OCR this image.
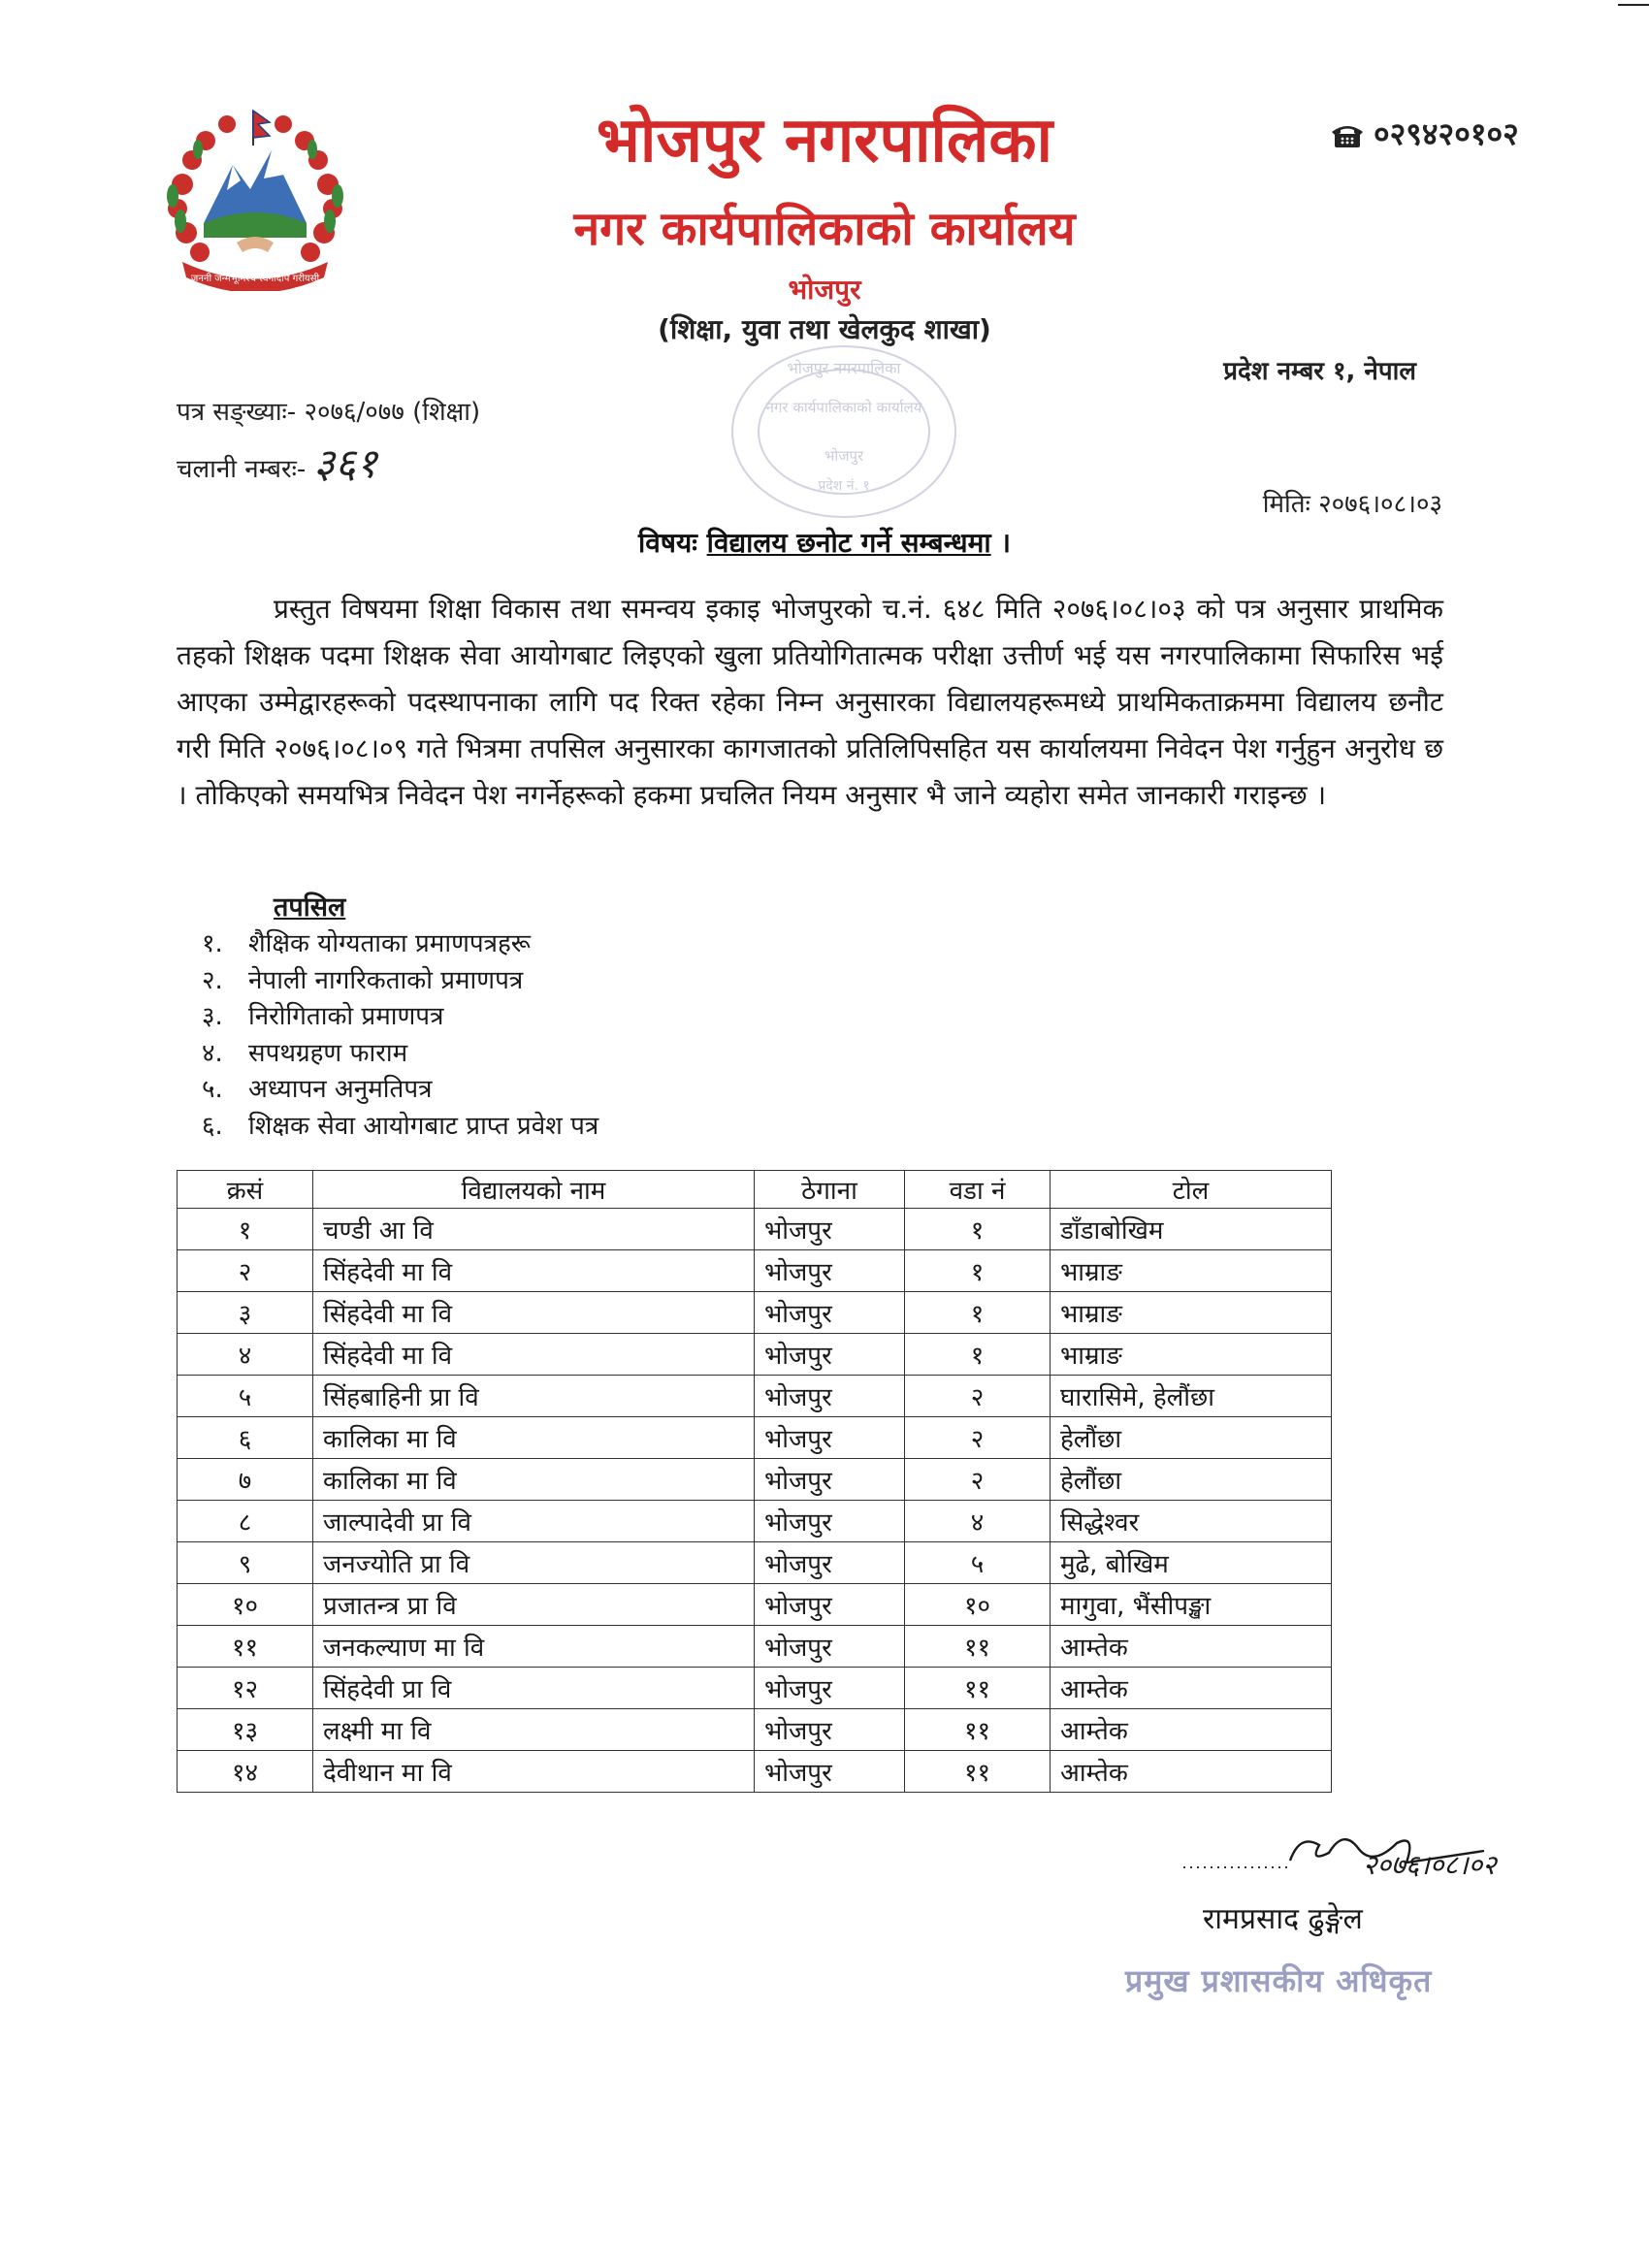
जननी जन्मभूमिश्च स्वर्गादपि गरीयसी
भोजपुर नगरपालिका
नगर कार्यपालिकाको कार्यालय
भोजपुर
प्रदेश नं. १
०२९४२०१०२
भोजपुर नगरपालिका
नगर कार्यपालिकाको कार्यालय
भोजपुर
(शिक्षा, युवा तथा खेलकुद शाखा)
प्रदेश नम्बर १, नेपाल
पत्र सङ्ख्याः- २०७६/०७७ (शिक्षा)
चलानी नम्बरः- ३६१
मितिः २०७६।०८।०३
विषयः विद्यालय छनोट गर्ने सम्बन्धमा ।
प्रस्तुत विषयमा शिक्षा विकास तथा समन्वय इकाइ भोजपुरको च.नं. ६४८ मिति २०७६।०८।०३ को पत्र अनुसार प्राथमिक तहको शिक्षक पदमा शिक्षक सेवा आयोगबाट लिइएको खुला प्रतियोगितात्मक परीक्षा उत्तीर्ण भई यस नगरपालिकामा सिफारिस भई आएका उम्मेद्वारहरूको पदस्थापनाका लागि पद रिक्त रहेका निम्न अनुसारका विद्यालयहरूमध्ये प्राथमिकताक्रममा विद्यालय छनौट गरी मिति २०७६।०८।०९ गते भित्रमा तपसिल अनुसारका कागजातको प्रतिलिपिसहित यस कार्यालयमा निवेदन पेश गर्नुहुन अनुरोध छ । तोकिएको समयभित्र निवेदन पेश नगर्नेहरूको हकमा प्रचलित नियम अनुसार भै जाने व्यहोरा समेत जानकारी गराइन्छ ।
तपसिल
१. शैक्षिक योग्यताका प्रमाणपत्रहरू
२. नेपाली नागरिकताको प्रमाणपत्र
३. निरोगिताको प्रमाणपत्र
४. सपथग्रहण फाराम
५. अध्यापन अनुमतिपत्र
६. शिक्षक सेवा आयोगबाट प्राप्त प्रवेश पत्र
क्रसं	विद्यालयको नाम	ठेगाना	वडा नं	टोल
१	चण्डी आ वि	भोजपुर	१	डाँडाबोखिम
२	सिंहदेवी मा वि	भोजपुर	१	भाम्राङ
३	सिंहदेवी मा वि	भोजपुर	१	भाम्राङ
४	सिंहदेवी मा वि	भोजपुर	१	भाम्राङ
५	सिंहबाहिनी प्रा वि	भोजपुर	२	घारासिमे, हेलौंछा
६	कालिका मा वि	भोजपुर	२	हेलौंछा
७	कालिका मा वि	भोजपुर	२	हेलौंछा
८	जाल्पादेवी प्रा वि	भोजपुर	४	सिद्धेश्वर
९	जनज्योति प्रा वि	भोजपुर	५	मुढे, बोखिम
१०	प्रजातन्त्र प्रा वि	भोजपुर	१०	मागुवा, भैंसीपङ्खा
११	जनकल्याण मा वि	भोजपुर	११	आम्तेक
१२	सिंहदेवी प्रा वि	भोजपुर	११	आम्तेक
१३	लक्ष्मी मा वि	भोजपुर	११	आम्तेक
१४	देवीथान मा वि	भोजपुर	११	आम्तेक
२०७६।०८।०२
रामप्रसाद ढुङ्गेल
प्रमुख प्रशासकीय अधिकृत
